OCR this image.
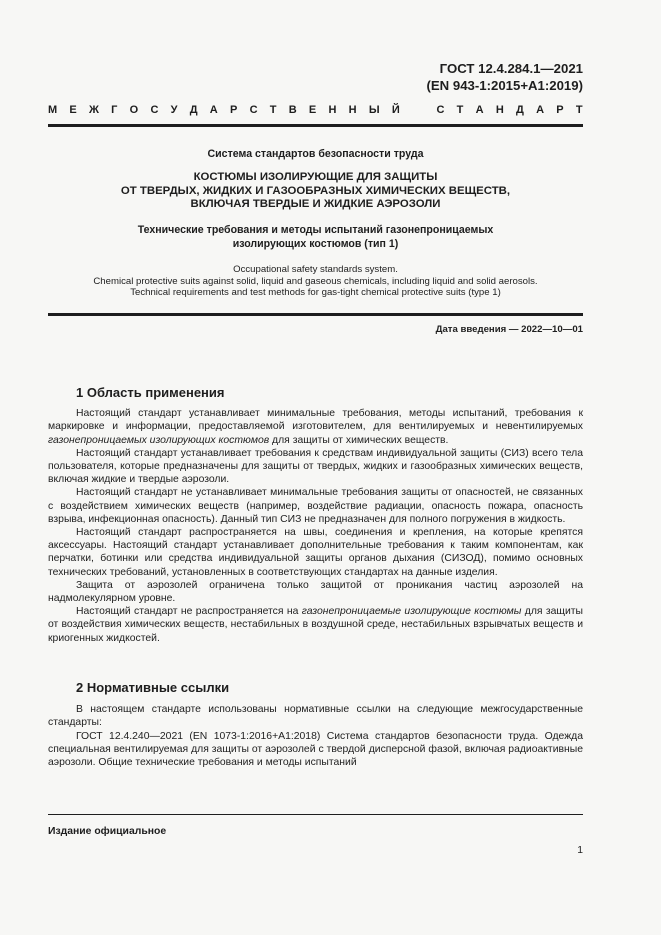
ГОСТ 12.4.284.1—2021
(EN 943-1:2015+A1:2019)
М Е Ж Г О С У Д А Р С Т В Е Н Н Ы Й	С Т А Н Д А Р Т
Система стандартов безопасности труда
КОСТЮМЫ ИЗОЛИРУЮЩИЕ ДЛЯ ЗАЩИТЫ
ОТ ТВЕРДЫХ, ЖИДКИХ И ГАЗООБРАЗНЫХ ХИМИЧЕСКИХ ВЕЩЕСТВ,
ВКЛЮЧАЯ ТВЕРДЫЕ И ЖИДКИЕ АЭРОЗОЛИ
Технические требования и методы испытаний газонепроницаемых
изолирующих костюмов (тип 1)
Occupational safety standards system.
Chemical protective suits against solid, liquid and gaseous chemicals, including liquid and solid aerosols.
Technical requirements and test methods for gas-tight chemical protective suits (type 1)
Дата введения — 2022—10—01
1 Область применения

Настоящий стандарт устанавливает минимальные требования, методы испытаний, требования к маркировке и информации, предоставляемой изготовителем, для вентилируемых и невентилируемых газонепроницаемых изолирующих костюмов для защиты от химических веществ.

Настоящий стандарт устанавливает требования к средствам индивидуальной защиты (СИЗ) всего тела пользователя, которые предназначены для защиты от твердых, жидких и газообразных химических веществ, включая жидкие и твердые аэрозоли.

Настоящий стандарт не устанавливает минимальные требования защиты от опасностей, не связанных с воздействием химических веществ (например, воздействие радиации, опасность пожара, опасность взрыва, инфекционная опасность). Данный тип СИЗ не предназначен для полного погружения в жидкость.

Настоящий стандарт распространяется на швы, соединения и крепления, на которые крепятся аксессуары. Настоящий стандарт устанавливает дополнительные требования к таким компонентам, как перчатки, ботинки или средства индивидуальной защиты органов дыхания (СИЗОД), помимо основных технических требований, установленных в соответствующих стандартах на данные изделия.

Защита от аэрозолей ограничена только защитой от проникания частиц аэрозолей на надмолекулярном уровне.

Настоящий стандарт не распространяется на газонепроницаемые изолирующие костюмы для защиты от воздействия химических веществ, нестабильных в воздушной среде, нестабильных взрывчатых веществ и криогенных жидкостей.

2 Нормативные ссылки

В настоящем стандарте использованы нормативные ссылки на следующие межгосударственные стандарты:

ГОСТ 12.4.240—2021 (EN 1073-1:2016+A1:2018) Система стандартов безопасности труда. Одежда специальная вентилируемая для защиты от аэрозолей с твердой дисперсной фазой, включая радиоактивные аэрозоли. Общие технические требования и методы испытаний

Издание официальное
1
